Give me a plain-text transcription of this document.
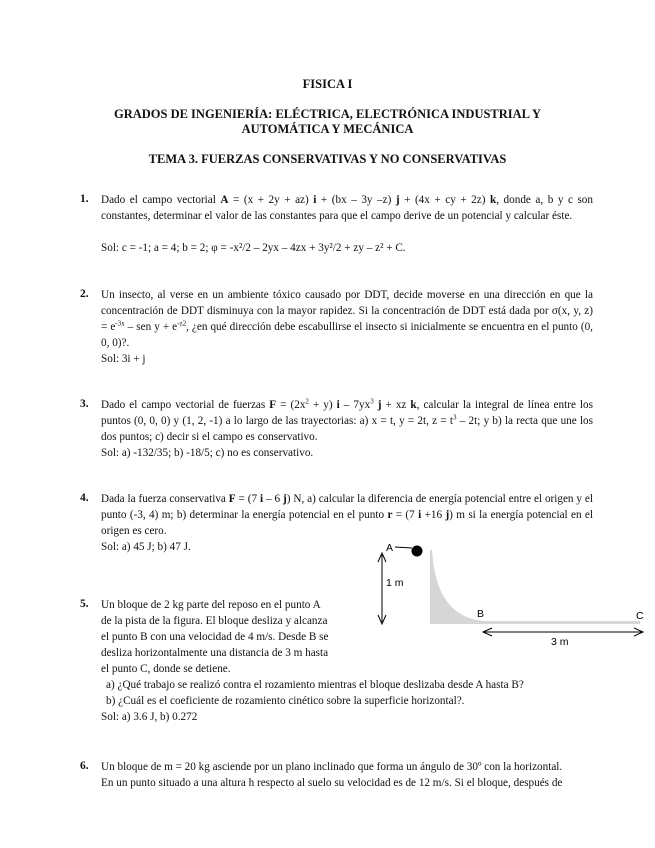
FISICA I
GRADOS DE INGENIERÍA: ELÉCTRICA, ELECTRÓNICA INDUSTRIAL Y
AUTOMÁTICA Y MECÁNICA
TEMA 3. FUERZAS CONSERVATIVAS Y NO CONSERVATIVAS
1. Dado el campo vectorial A = (x + 2y + az) i + (bx – 3y –z) j + (4x + cy + 2z) k, donde a, b y c son constantes, determinar el valor de las constantes para que el campo derive de un potencial y calcular éste.
Sol: c = -1; a = 4; b = 2; φ = -x²/2 – 2yx – 4zx + 3y²/2 + zy – z² + C.
2. Un insecto, al verse en un ambiente tóxico causado por DDT, decide moverse en una dirección en que la concentración de DDT disminuya con la mayor rapidez. Si la concentración de DDT está dada por σ(x, y, $z) = e^{-3x}$ – sen $y + e^{-z2}$, ¿en qué dirección debe escabullirse el insecto si inicialmente se encuentra en el punto (0, 0, 0)?.
Sol: 3i + j
3. Dado el campo vectorial de fuerzas $F = (2x^2 + y)$ i – $7yx^3$ j + xz k, calcular la integral de línea entre los puntos (0, 0, 0) y (1, 2, -1) a lo largo de las trayectorias: a) x = t, y = 2t, $z = t^3 - 2t$; y b) la recta que une los dos puntos; c) decir si el campo es conservativo.
Sol: a) -132/35; b) -18/5; c) no es conservativo.
4. Dada la fuerza conservativa F = (7 i – 6 j) N, a) calcular la diferencia de energía potencial entre el origen y el punto (-3, 4) m; b) determinar la energía potencial en el punto r = (7 i +16 j) m si la energía potencial en el origen es cero.
Sol: a) 45 J; b) 47 J.	A
1 m
B	C
3 m
5. Un bloque de 2 kg parte del reposo en el punto A
de la pista de la figura. El bloque desliza y alcanza
el punto B con una velocidad de 4 m/s. Desde B se
desliza horizontalmente una distancia de 3 m hasta
el punto C, donde se detiene.
a) ¿Qué trabajo se realizó contra el rozamiento mientras el bloque deslizaba desde A hasta B?
b) ¿Cuál es el coeficiente de rozamiento cinético sobre la superficie horizontal?.
Sol: a) 3.6 J, b) 0.272
6. Un bloque de m = 20 kg asciende por un plano inclinado que forma un ángulo de 30º con la horizontal.
En un punto situado a una altura h respecto al suelo su velocidad es de 12 m/s. Si el bloque, después de
